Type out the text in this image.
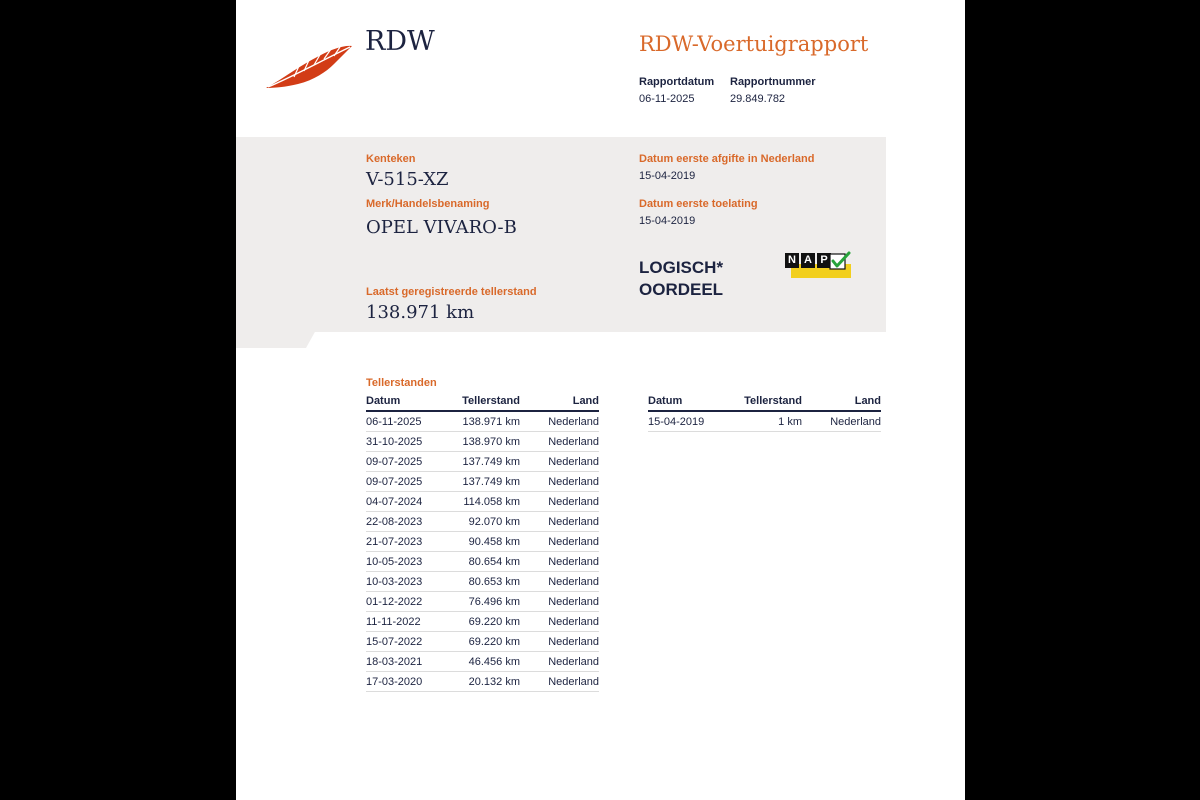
RDW	RDW-Voertuigrapport
Rapportdatum
06-11-2025
Rapportnummer
29.849.782
Kenteken
V-515-XZ
Merk/Handelsbenaming
OPEL VIVARO-B
Laatst geregistreerde tellerstand
138.971 km
Datum eerste afgifte in Nederland
15-04-2019
Datum eerste toelating
15-04-2019
LOGISCH*
OORDEEL
N A P
Tellerstanden
Datum	Tellerstand	Land
06-11-2025	138.971 km	Nederland
31-10-2025	138.970 km	Nederland
09-07-2025	137.749 km	Nederland
09-07-2025	137.749 km	Nederland
04-07-2024	114.058 km	Nederland
22-08-2023	92.070 km	Nederland
21-07-2023	90.458 km	Nederland
10-05-2023	80.654 km	Nederland
10-03-2023	80.653 km	Nederland
01-12-2022	76.496 km	Nederland
11-11-2022	69.220 km	Nederland
15-07-2022	69.220 km	Nederland
18-03-2021	46.456 km	Nederland
17-03-2020	20.132 km	Nederland
Datum	Tellerstand	Land
15-04-2019	1 km	Nederland
